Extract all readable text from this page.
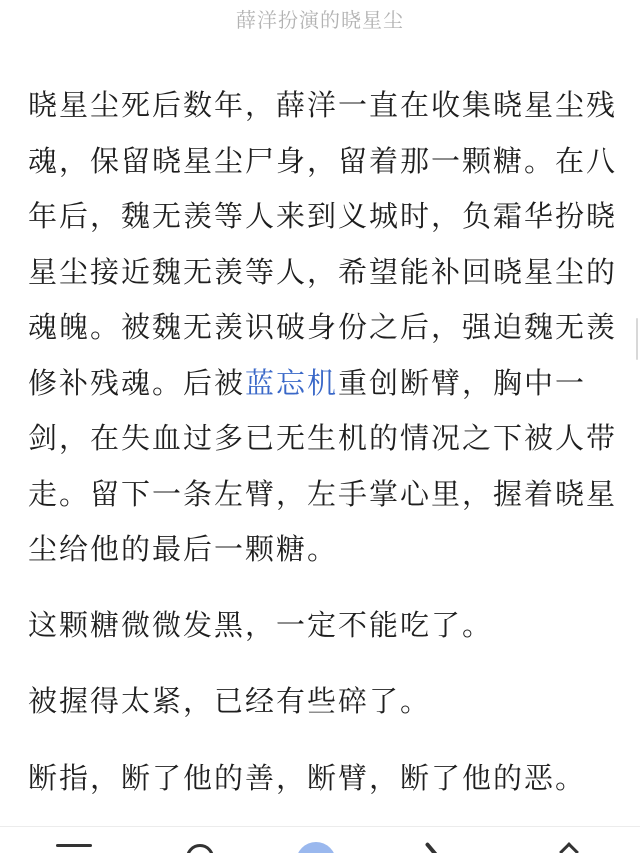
薛洋扮演的晓星尘

晓星尘死后数年，薛洋一直在收集晓星尘残魂，保留晓星尘尸身，留着那一颗糖。在八年后，魏无羡等人来到义城时，负霜华扮晓星尘接近魏无羡等人，希望能补回晓星尘的魂魄。被魏无羡识破身份之后，强迫魏无羡修补残魂。后被蓝忘机重创断臂，胸中一剑，在失血过多已无生机的情况之下被人带走。留下一条左臂，左手掌心里，握着晓星尘给他的最后一颗糖。

这颗糖微微发黑，一定不能吃了。

被握得太紧，已经有些碎了。

断指，断了他的善，断臂，断了他的恶。
